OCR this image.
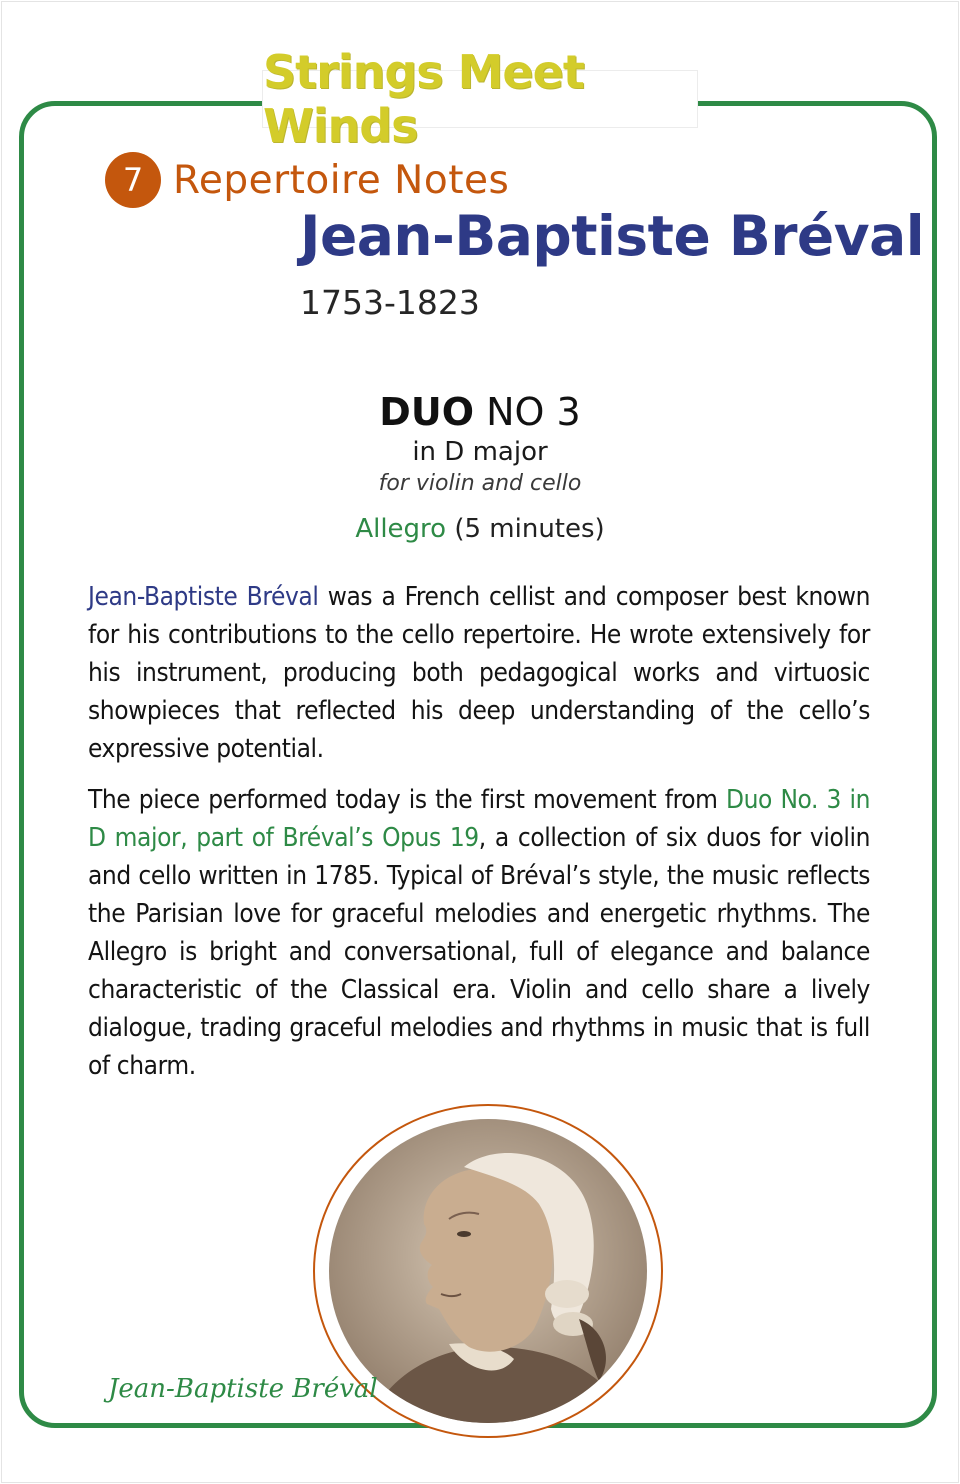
Strings Meet Winds
7 Repertoire Notes
Jean-Baptiste Bréval
1753-1823
DUO NO 3
in D major
for violin and cello
Allegro (5 minutes)
Jean-Baptiste Bréval was a French cellist and composer best known for his contributions to the cello repertoire. He wrote extensively for his instrument, producing both pedagogical works and virtuosic showpieces that reflected his deep understanding of the cello’s expressive potential.
The piece performed today is the first movement from Duo No. 3 in D major, part of Bréval’s Opus 19, a collection of six duos for violin and cello written in 1785. Typical of Bréval’s style, the music reflects the Parisian love for graceful melodies and energetic rhythms. The Allegro is bright and conversational, full of elegance and balance characteristic of the Classical era. Violin and cello share a lively dialogue, trading graceful melodies and rhythms in music that is full of charm.
Jean-Baptiste Bréval
